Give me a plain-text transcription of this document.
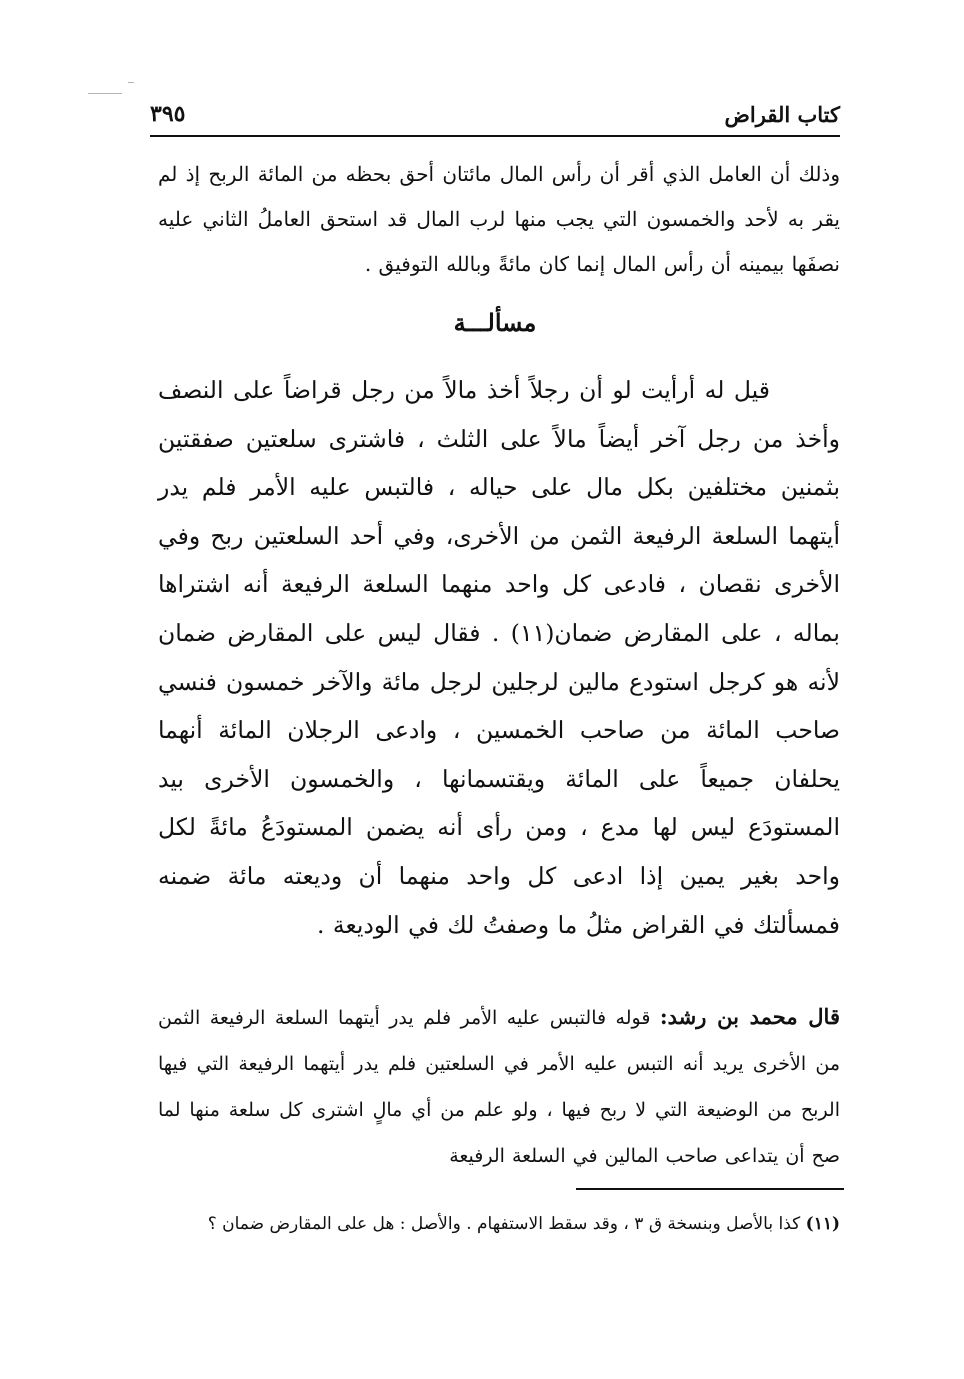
كتاب القراض
٣٩٥

وذلك أن العامل الذي أقر أن رأس المال مائتان أحق بحظه من المائة الربح إذ لم يقر به لأحد والخمسون التي يجب منها لرب المال قد استحق العاملُ الثاني عليه نصفَها بيمينه أن رأس المال إنما كان مائةً وبالله التوفيق .

مسألـــة

قيل له أرأيت لو أن رجلاً أخذ مالاً من رجل قراضاً على النصف وأخذ من رجل آخر أيضاً مالاً على الثلث ، فاشترى سلعتين صفقتين بثمنين مختلفين بكل مال على حياله ، فالتبس عليه الأمر فلم يدر أيتهما السلعة الرفيعة الثمن من الأخرى، وفي أحد السلعتين ربح وفي الأخرى نقصان ، فادعى كل واحد منهما السلعة الرفيعة أنه اشتراها بماله ، على المقارض ضمان(١١) . فقال ليس على المقارض ضمان لأنه هو كرجل استودع مالين لرجلين لرجل مائة والآخر خمسون فنسي صاحب المائة من صاحب الخمسين ، وادعى الرجلان المائة أنهما يحلفان جميعاً على المائة ويقتسمانها ، والخمسون الأخرى بيد المستودَع ليس لها مدع ، ومن رأى أنه يضمن المستودَعُ مائةً لكل واحد بغير يمين إذا ادعى كل واحد منهما أن وديعته مائة ضمنه فمسألتك في القراض مثلُ ما وصفتُ لك في الوديعة .

قال محمد بن رشد: قوله فالتبس عليه الأمر فلم يدر أيتهما السلعة الرفيعة الثمن من الأخرى يريد أنه التبس عليه الأمر في السلعتين فلم يدر أيتهما الرفيعة التي فيها الربح من الوضيعة التي لا ربح فيها ، ولو علم من أي مالٍ اشترى كل سلعة منها لما صح أن يتداعى صاحب المالين في السلعة الرفيعة

(١١) كذا بالأصل وبنسخة ق ٣ ، وقد سقط الاستفهام . والأصل : هل على المقارض ضمان ؟
